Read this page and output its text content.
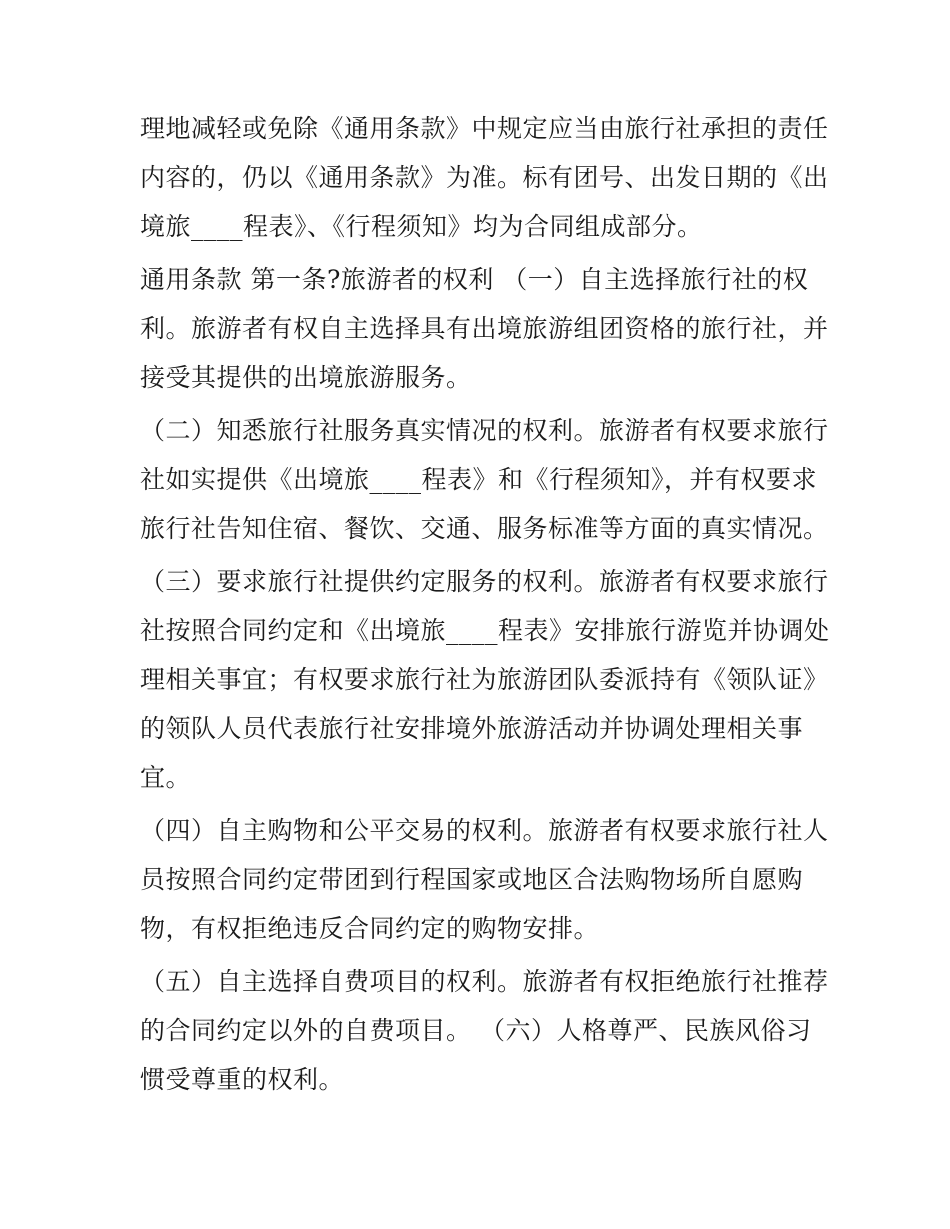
理地减轻或免除《通用条款》中规定应当由旅行社承担的责任
内容的，仍以《通用条款》为准。标有团号、出发日期的《出
境旅____程表》、《行程须知》均为合同组成部分。
通用条款 第一条?旅游者的权利 （一）自主选择旅行社的权
利。旅游者有权自主选择具有出境旅游组团资格的旅行社，并
接受其提供的出境旅游服务。
（二）知悉旅行社服务真实情况的权利。旅游者有权要求旅行
社如实提供《出境旅____程表》和《行程须知》，并有权要求
旅行社告知住宿、餐饮、交通、服务标准等方面的真实情况。
（三）要求旅行社提供约定服务的权利。旅游者有权要求旅行
社按照合同约定和《出境旅____程表》安排旅行游览并协调处
理相关事宜；有权要求旅行社为旅游团队委派持有《领队证》
的领队人员代表旅行社安排境外旅游活动并协调处理相关事
宜。
（四）自主购物和公平交易的权利。旅游者有权要求旅行社人
员按照合同约定带团到行程国家或地区合法购物场所自愿购
物，有权拒绝违反合同约定的购物安排。
（五）自主选择自费项目的权利。旅游者有权拒绝旅行社推荐
的合同约定以外的自费项目。 （六）人格尊严、民族风俗习
惯受尊重的权利。
